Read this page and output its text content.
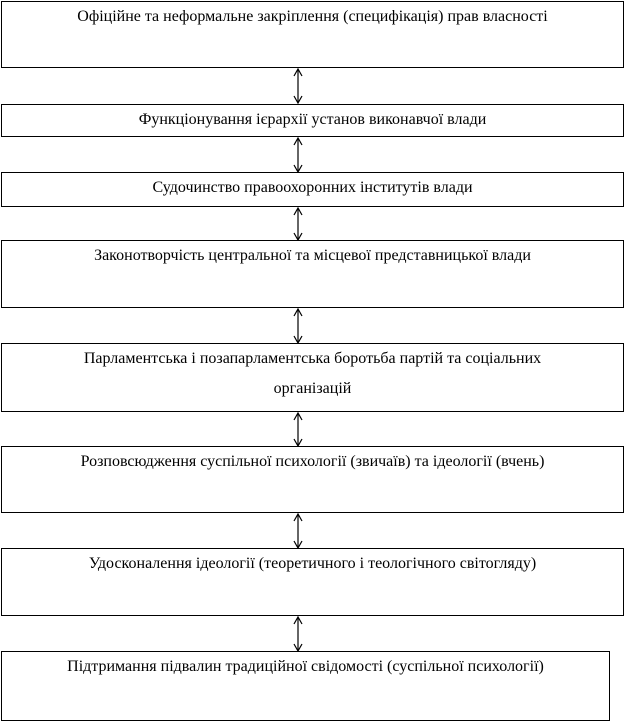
Офіційне та неформальне закріплення (специфікація) прав власності
Функціонування ієрархії установ виконавчої влади
Судочинство правоохоронних інститутів влади
Законотворчість центральної та місцевої представницької влади
Парламентська і позапарламентська боротьба партій та соціальних організацій
Розповсюдження суспільної психології (звичаїв) та ідеології (вчень)
Удосконалення ідеології (теоретичного і теологічного світогляду)
Підтримання підвалин традиційної свідомості (суспільної психології)
